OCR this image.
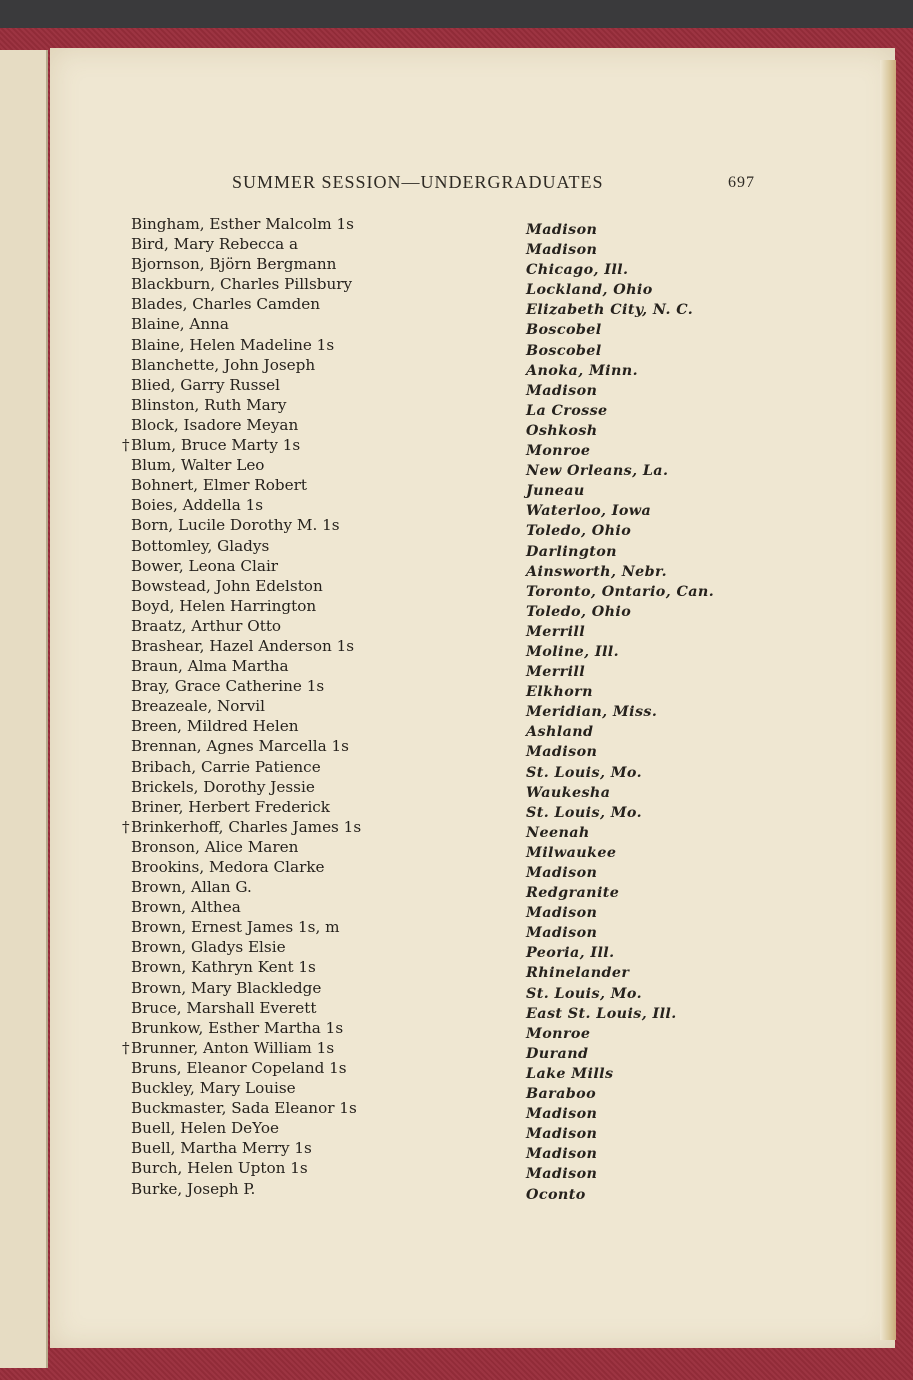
SUMMER SESSION—UNDERGRADUATES	697
Bingham, Esther Malcolm 1s
Bird, Mary Rebecca a
Bjornson, Björn Bergmann
Blackburn, Charles Pillsbury
Blades, Charles Camden
Blaine, Anna
Blaine, Helen Madeline 1s
Blanchette, John Joseph
Blied, Garry Russel
Blinston, Ruth Mary
Block, Isadore Meyan
†Blum, Bruce Marty 1s
Blum, Walter Leo
Bohnert, Elmer Robert
Boies, Addella 1s
Born, Lucile Dorothy M. 1s
Bottomley, Gladys
Bower, Leona Clair
Bowstead, John Edelston
Boyd, Helen Harrington
Braatz, Arthur Otto
Brashear, Hazel Anderson 1s
Braun, Alma Martha
Bray, Grace Catherine 1s
Breazeale, Norvil
Breen, Mildred Helen
Brennan, Agnes Marcella 1s
Bribach, Carrie Patience
Brickels, Dorothy Jessie
Briner, Herbert Frederick
†Brinkerhoff, Charles James 1s
Bronson, Alice Maren
Brookins, Medora Clarke
Brown, Allan G.
Brown, Althea
Brown, Ernest James 1s, m
Brown, Gladys Elsie
Brown, Kathryn Kent 1s
Brown, Mary Blackledge
Bruce, Marshall Everett
Brunkow, Esther Martha 1s
†Brunner, Anton William 1s
Bruns, Eleanor Copeland 1s
Buckley, Mary Louise
Buckmaster, Sada Eleanor 1s
Buell, Helen DeYoe
Buell, Martha Merry 1s
Burch, Helen Upton 1s
Burke, Joseph P.
Madison
Madison
Chicago, Ill.
Lockland, Ohio
Elizabeth City, N. C.
Boscobel
Boscobel
Anoka, Minn.
Madison
La Crosse
Oshkosh
Monroe
New Orleans, La.
Juneau
Waterloo, Iowa
Toledo, Ohio
Darlington
Ainsworth, Nebr.
Toronto, Ontario, Can.
Toledo, Ohio
Merrill
Moline, Ill.
Merrill
Elkhorn
Meridian, Miss.
Ashland
Madison
St. Louis, Mo.
Waukesha
St. Louis, Mo.
Neenah
Milwaukee
Madison
Redgranite
Madison
Madison
Peoria, Ill.
Rhinelander
St. Louis, Mo.
East St. Louis, Ill.
Monroe
Durand
Lake Mills
Baraboo
Madison
Madison
Madison
Madison
Oconto
